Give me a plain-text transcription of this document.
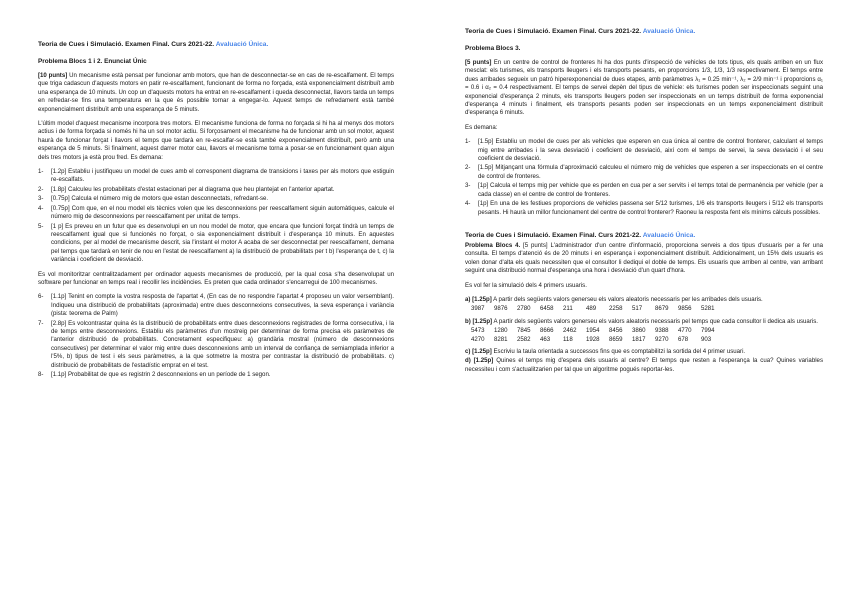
Teoria de Cues i Simulació. Examen Final. Curs 2021-22. Avaluació Única.
Problema Blocs 1 i 2. Enunciat Únic
[10 punts] Un mecanisme està pensat per funcionar amb motors, que han de desconnectar-se en cas de re-escalfament. El temps que triga cadascun d'aquests motors en patir re-escalfament, funcionant de forma no forçada, està exponencialment distribuït amb una esperança de 10 minuts. Un cop un d'aquests motors ha entrat en re-escalfament i queda desconnectat, llavors tarda un temps en refredar-se fins una temperatura en la que és possible tornar a engegar-lo. Aquest temps de refredament està també exponencialment distribuït amb una esperança de 5 minuts.
L'últim model d'aquest mecanisme incorpora tres motors. El mecanisme funciona de forma no forçada si hi ha al menys dos motors actius i de forma forçada si només hi ha un sol motor actiu. Si forçosament el mecanisme ha de funcionar amb un sol motor, aquest haurà de funcionar forçat i llavors el temps que tardarà en re-escalfar-se està també exponencialment distribuït, però amb una esperança de 5 minuts. Si finalment, aquest darrer motor cau, llavors el mecanisme torna a posar-se en funcionament quan algun dels tres motors ja està prou fred. Es demana:
1- [1.2p] Establiu i justifiqueu un model de cues amb el corresponent diagrama de transicions i taxes per als motors que estiguin re-escalfats.
2- [1.8p] Calculeu les probabilitats d'estat estacionari per al diagrama que heu plantejat en l'anterior apartat.
3- [0.75p] Calcula el número mig de motors que estan desconnectats, refredant-se.
4- [0.75p] Com que, en el nou model els tècnics volen que les desconnexions per reescalfament siguin automàtiques, calcule el número mig de desconnexions per reescalfament per unitat de temps.
5- [1 p] Es preveu en un futur que es desenvolupi en un nou model de motor, que encara que funcioni forçat tindrà un temps de reescalfament igual que si funcionés no forçat, o sia exponencialment distribuït i d'esperança 10 minuts. En aquestes condicions, per al model de mecanisme descrit, sia l'instant el motor A acaba de ser desconnectat per reescalfament, demana pel temps que tardarà en tenir de nou en l'estat de reescalfament a) la distribució de probabilitats per t b) l'esperança de t, c) la variància i coeficient de desviació.
Es vol monitoritzar centralitzadament per ordinador aquests mecanismes de producció, per la qual cosa s'ha desenvolupat un software per funcionar en temps real i recollir les incidències. Es preten que cada ordinador s'encarregui de 100 mecanismes.
6- [1.1p] Tenint en compte la vostra resposta de l'apartat 4, (En cas de no respondre l'apartat 4 proposeu un valor versemblant). Indiqueu una distribució de probabilitats (aproximada) entre dues desconnexions consecutives, la seva esperança i variància (pista: teorema de Palm)
7- [2.8p] Es volcontrastar quina és la distribució de probabilitats entre dues desconnexions registrades de forma consecutiva, i la de temps entre desconnexions. Establiu els paràmetres d'un mostreig per determinar de forma precisa els paràmetres de l'anterior distribució de probabilitats. Concretament especifiqueu: a) grandària mostral (número de desconnexions consecutives) per determinar el valor mig entre dues desconnexions amb un interval de confiança de semiamplada inferior a l'5%, b) tipus de test i els seus paràmetres, a la que sotmetre la mostra per contrastar la distribució de probabilitats. c) distribució de probabilitats de l'estadístic emprat en el test.
8- [1.1p] Probabilitat de que es registrin 2 desconnexions en un període de 1 segon.
Teoria de Cues i Simulació. Examen Final. Curs 2021-22. Avaluació Única.
Problema Blocs 3.
[5 punts] En un centre de control de fronteres hi ha dos punts d'inspecció de vehicles de tots tipus, els quals arriben en un flux mesclat: els turismes, els transports lleugers i els transports pesants, en proporcions 1/3, 1/3, 1/3 respectivament. El temps entre dues arribades segueix un patró hiperexponencial de dues etapes, amb paràmetres λ₁ = 0.25 min⁻¹, λ₂ = 2/9 min⁻¹ i proporcions α₁ = 0.6 i α₂ = 0.4 respectivament. El temps de servei depèn del tipus de vehicle: els turismes poden ser inspeccionats seguint una exponencial d'esperança 2 minuts, els transports lleugers poden ser inspeccionats en un temps distribuït de forma exponencial d'esperança 4 minuts i finalment, els transports pesants poden ser inspeccionats en un temps exponencialment distribuït d'esperança 6 minuts.
Es demana:
1- [1.5p] Establiu un model de cues per als vehicles que esperen en cua única al centre de control fronterer, calculant el temps mig entre arribades i la seva desviació i coeficient de desviació, així com el temps de servei, la seva desviació i el seu coeficient de desviació.
2- [1.5p] Mitjançant una fórmula d'aproximació calculeu el número mig de vehicles que esperen a ser inspeccionats en el centre de control de fronteres.
3- [1p] Calcula el temps mig per vehicle que es perden en cua per a ser servits i el temps total de permanència per vehicle (per a cada classe) en el centre de control de fronteres.
4- [1p] En una de les festiues proporcions de vehicles passena ser 5/12 turismes, 1/6 els transports lleugers i 5/12 els transports pesants. Hi haurà un millor funcionament del centre de control fronterer? Raoneu la resposta fent els mínims càlculs possibles.
Teoria de Cues i Simulació. Examen Final. Curs 2021-22. Avaluació Única.
Problema Blocs 4. [5 punts] L'administrador d'un centre d'informació, proporciona serveis a dos tipus d'usuaris per a fer una consulta. El temps d'atenció és de 20 minuts i en esperança i exponencialment distribuït. Addicionalment, un 15% dels usuaris es volen donar d'alta els quals necessiten que el consultor li dediqui el doble de temps. Els usuaris que arriben al centre, van arribant seguint una distribució normal d'esperança una hora i desviació d'un quart d'hora.
Es vol fer la simulació dels 4 primers usuaris.
a) [1.25p] A partir dels següents valors generseu els valors aleatoris necessaris per les arribades dels usuaris.
3987 9876 2780 6458 211 489 2258 517 8679 9856 5281
b) [1.25p] A partir dels següents valors generseu els valors aleatoris necessaris pel temps que cada consultor li dedica als usuaris.
5473 1280 7845 8666 2462 1954 8456 3860 9388 4770 7994
4270 8281 2582 463 118 1928 8659 1817 9270 678 903
c) [1.25p] Escriviu la taula orientada a successos fins que es comptabilitzi la sortida del 4 primer usuari.
d) [1.25p] Quines el temps mig d'espera dels usuaris al centre? El temps que resten a l'esperança la cua? Quines variables necessiteu i com s'actualitzarien per tal que un algoritme pogués reportar-les.
